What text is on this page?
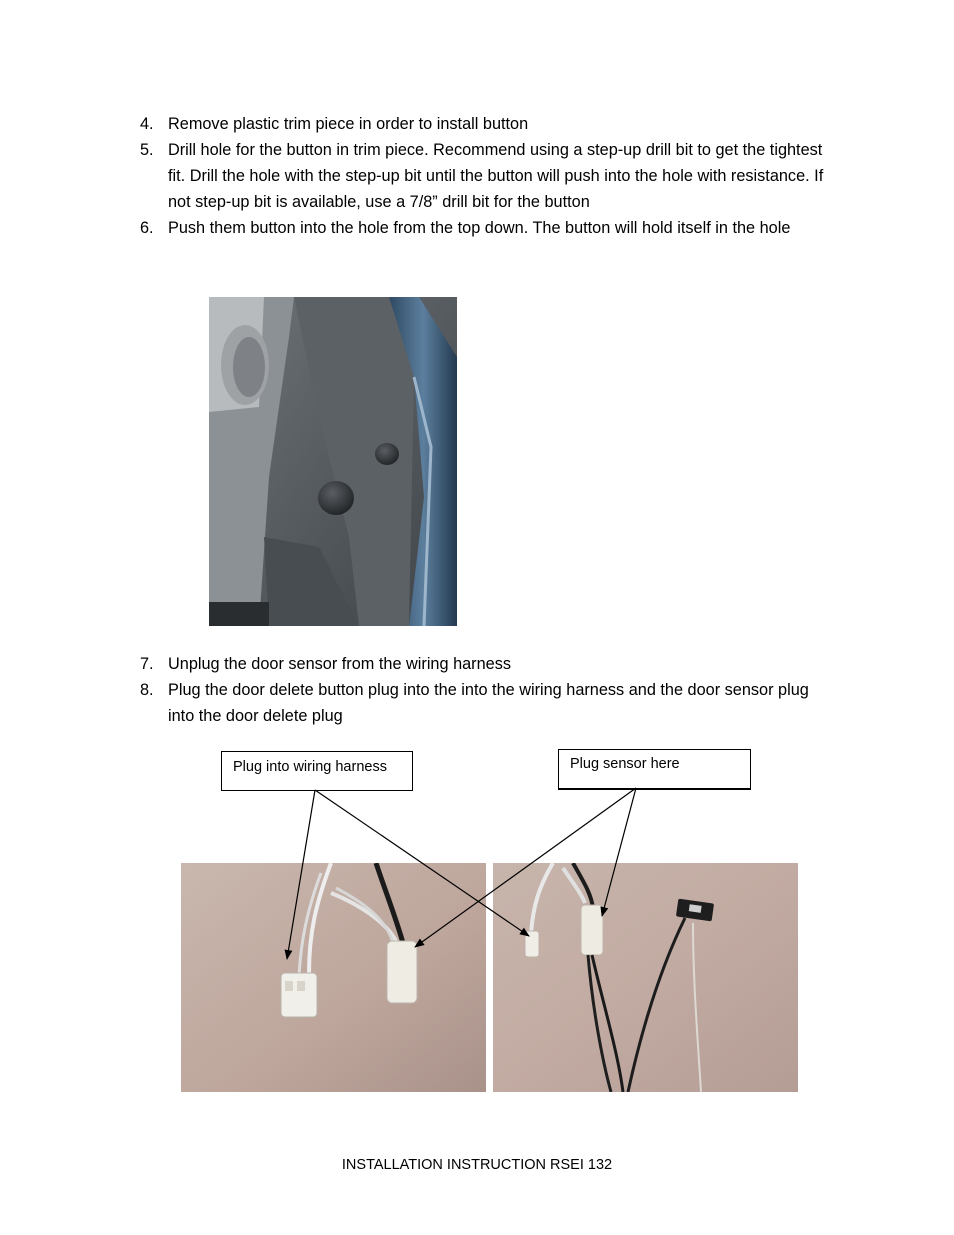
4. Remove plastic trim piece in order to install button
5. Drill hole for the button in trim piece. Recommend using a step-up drill bit to get the tightest fit. Drill the hole with the step-up bit until the button will push into the hole with resistance. If not step-up bit is available, use a 7/8” drill bit for the button
6. Push them button into the hole from the top down. The button will hold itself in the hole
7. Unplug the door sensor from the wiring harness
8. Plug the door delete button plug into the into the wiring harness and the door sensor plug into the door delete plug
Plug into wiring harness	Plug sensor here
INSTALLATION INSTRUCTION RSEI 132
